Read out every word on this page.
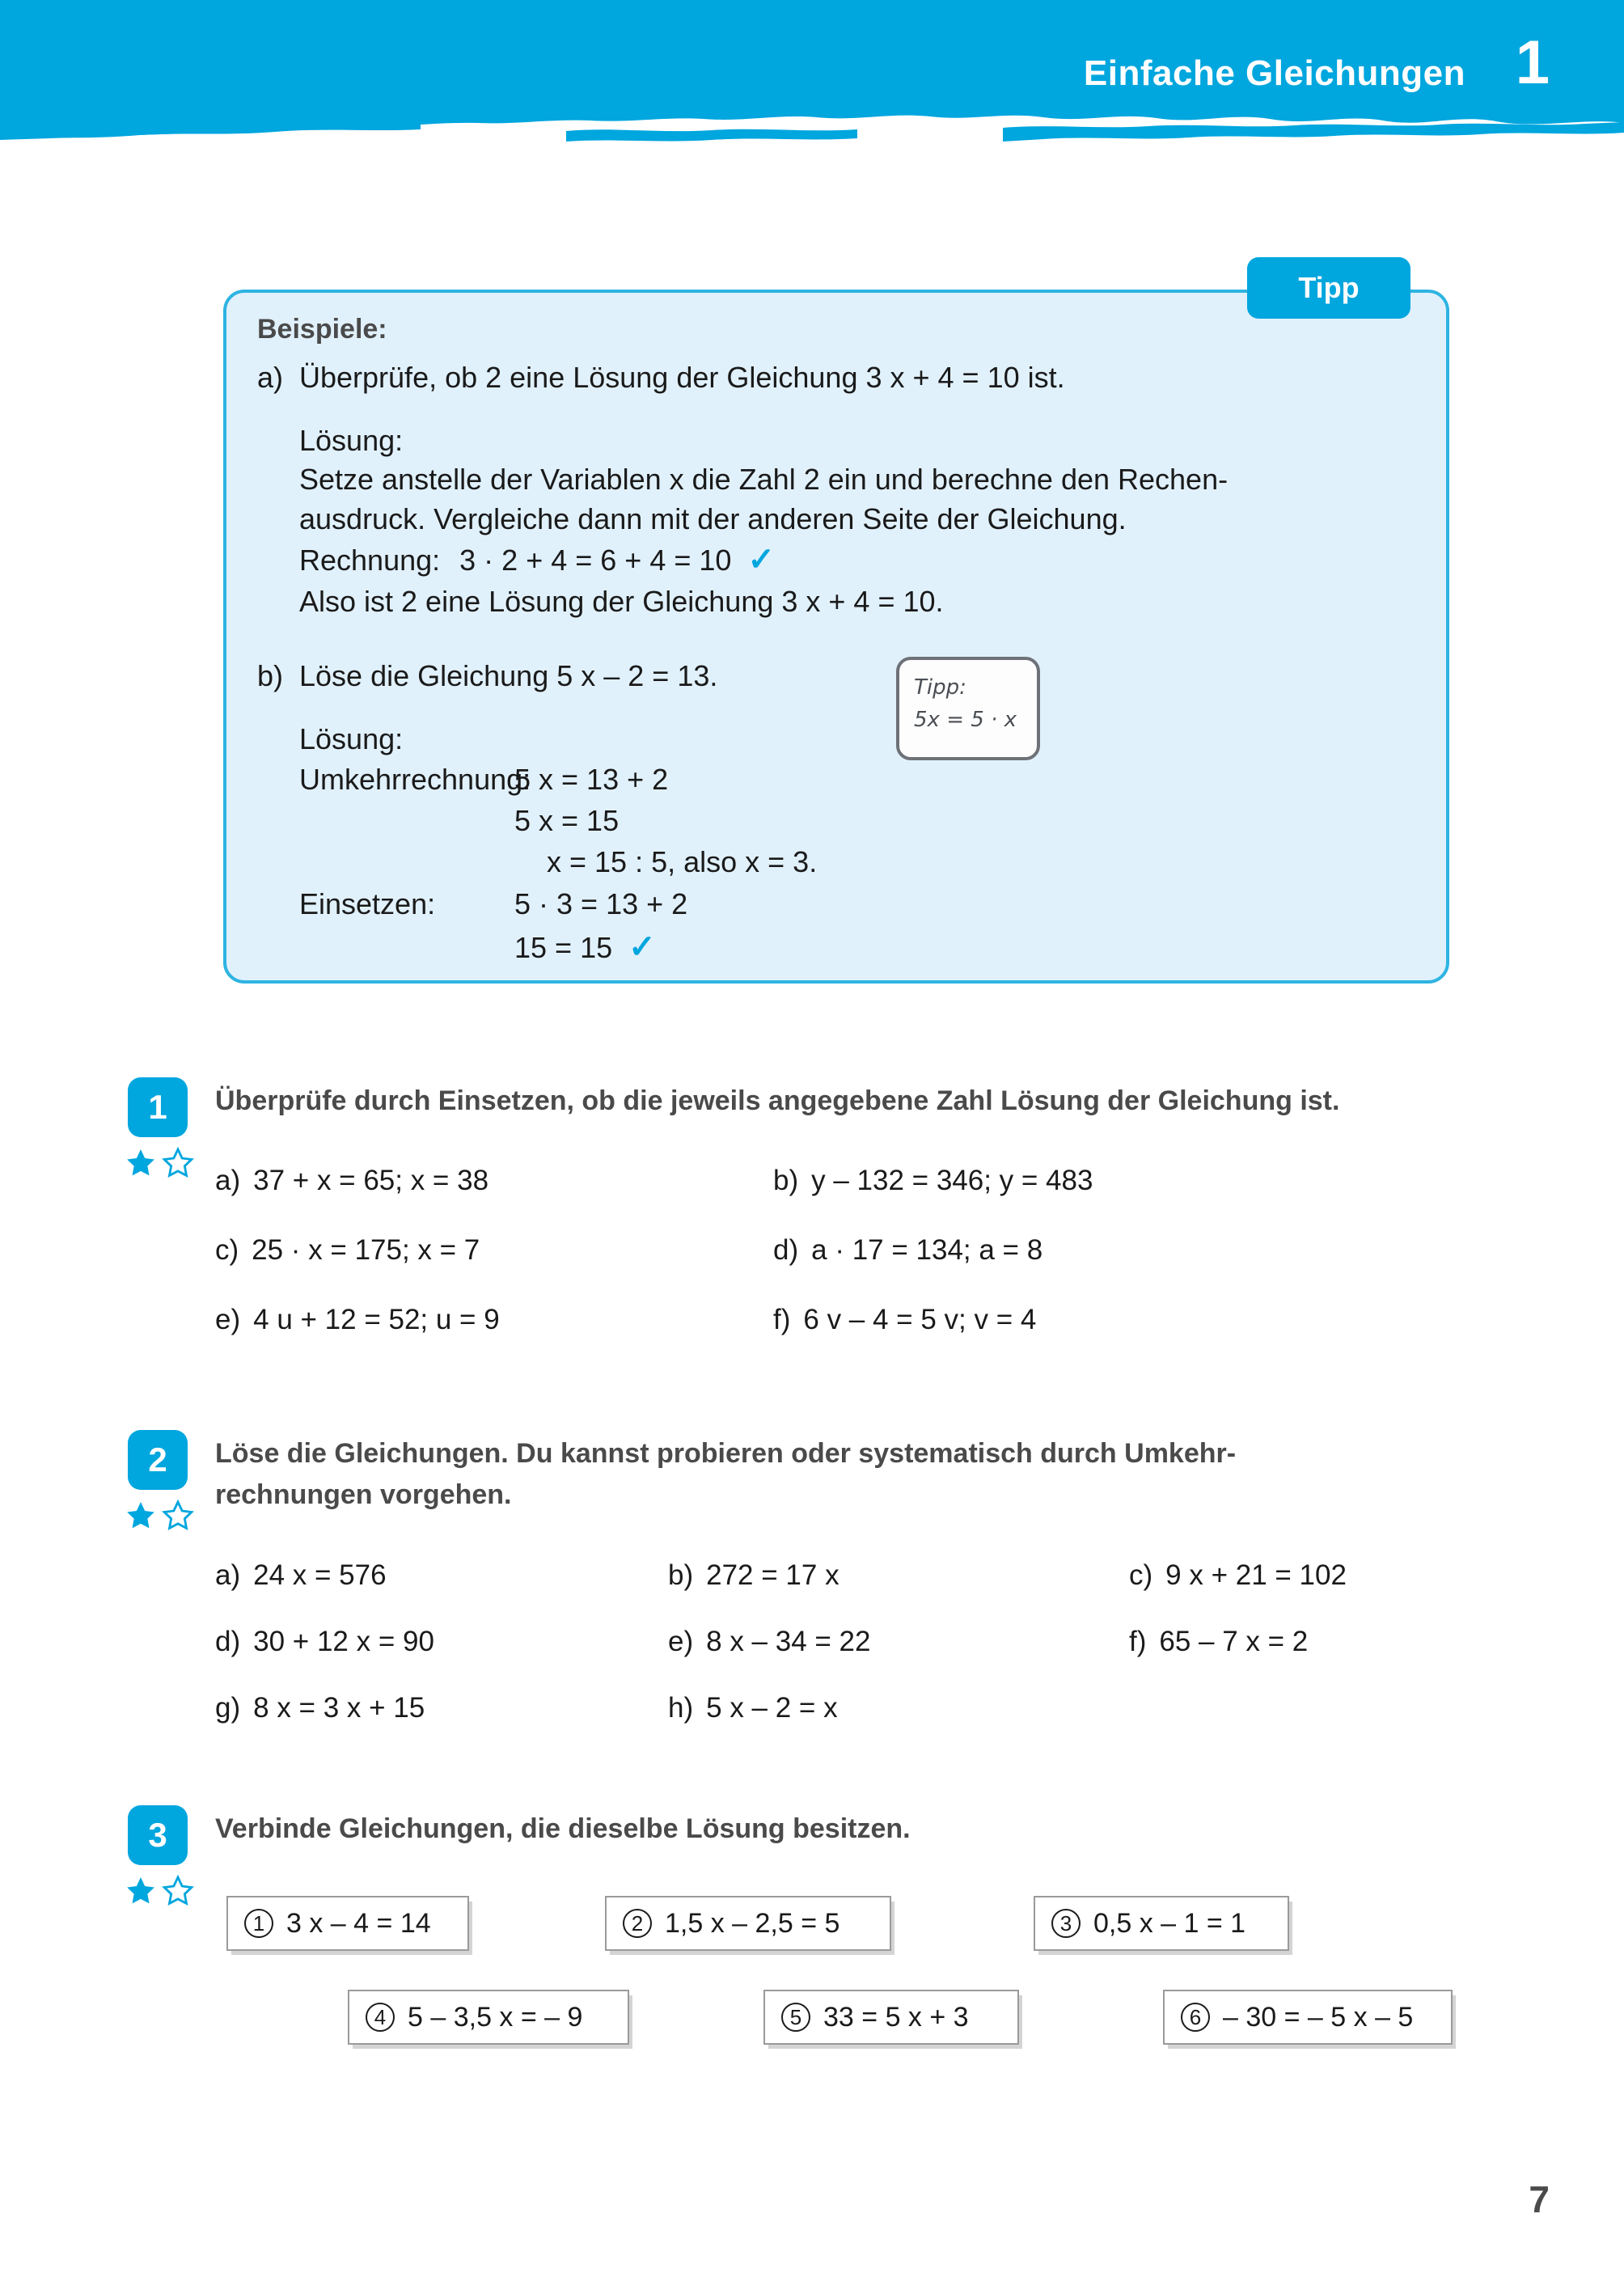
Einfache Gleichungen 1
Tipp
Beispiele:
a) Überprüfe, ob 2 eine Lösung der Gleichung 3 x + 4 = 10 ist.
Lösung:
Setze anstelle der Variablen x die Zahl 2 ein und berechne den Rechen-
ausdruck. Vergleiche dann mit der anderen Seite der Gleichung.
Rechnung: 3 · 2 + 4 = 6 + 4 = 10 ✓
Also ist 2 eine Lösung der Gleichung 3 x + 4 = 10.
b) Löse die Gleichung 5 x – 2 = 13.
Lösung:
Umkehrrechnung:
5 x = 13 + 2
5 x = 15
x = 15 : 5, also x = 3.
Einsetzen:	5 · 3 = 13 + 2
15 = 15 ✓
Tipp:
5x = 5 · x
1	Überprüfe durch Einsetzen, ob die jeweils angegebene Zahl Lösung der Gleichung ist.
a) 37 + x = 65; x = 38	b) y – 132 = 346; y = 483
c) 25 · x = 175; x = 7	d) a · 17 = 134; a = 8
e) 4 u + 12 = 52; u = 9	f) 6 v – 4 = 5 v; v = 4
2	Löse die Gleichungen. Du kannst probieren oder systematisch durch Umkehr-
rechnungen vorgehen.
a) 24 x = 576	b) 272 = 17 x	c) 9 x + 21 = 102
d) 30 + 12 x = 90	e) 8 x – 34 = 22	f) 65 – 7 x = 2
g) 8 x = 3 x + 15	h) 5 x – 2 = x
3	Verbinde Gleichungen, die dieselbe Lösung besitzen.
1 3 x – 4 = 14	2 1,5 x – 2,5 = 5	3 0,5 x – 1 = 1
4 5 – 3,5 x = – 9	5 33 = 5 x + 3	6 – 30 = – 5 x – 5
7
